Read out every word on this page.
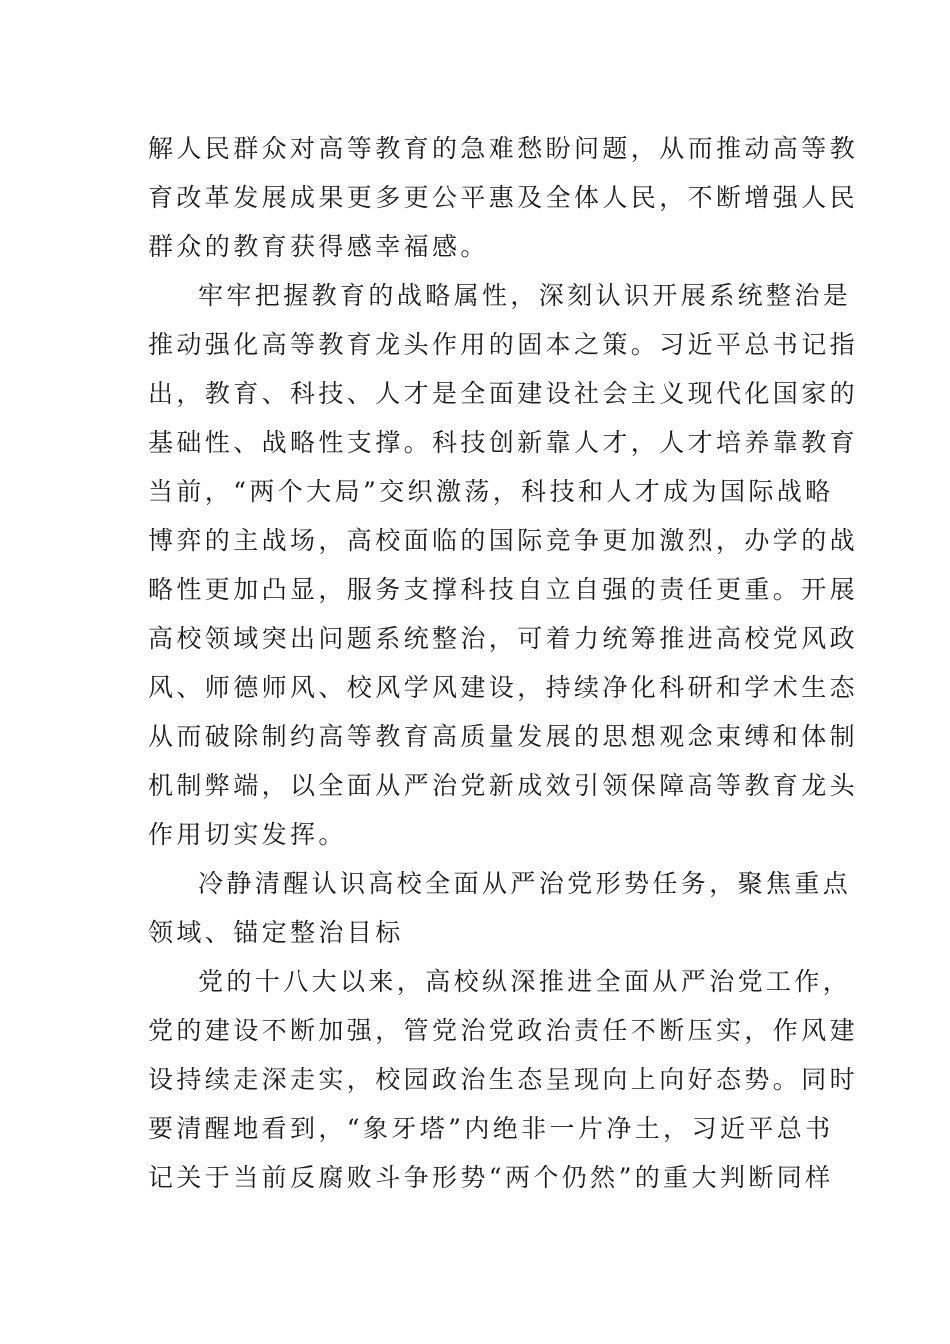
解人民群众对高等教育的急难愁盼问题，从而推动高等教
育改革发展成果更多更公平惠及全体人民，不断增强人民
群众的教育获得感幸福感。
牢牢把握教育的战略属性，深刻认识开展系统整治是
推动强化高等教育龙头作用的固本之策。习近平总书记指
出，教育、科技、人才是全面建设社会主义现代化国家的
基础性、战略性支撑。科技创新靠人才，人才培养靠教育
当前，“两个大局”交织激荡，科技和人才成为国际战略
博弈的主战场，高校面临的国际竞争更加激烈，办学的战
略性更加凸显，服务支撑科技自立自强的责任更重。开展
高校领域突出问题系统整治，可着力统筹推进高校党风政
风、师德师风、校风学风建设，持续净化科研和学术生态
从而破除制约高等教育高质量发展的思想观念束缚和体制
机制弊端，以全面从严治党新成效引领保障高等教育龙头
作用切实发挥。
冷静清醒认识高校全面从严治党形势任务，聚焦重点
领域、锚定整治目标
党的十八大以来，高校纵深推进全面从严治党工作，
党的建设不断加强，管党治党政治责任不断压实，作风建
设持续走深走实，校园政治生态呈现向上向好态势。同时
要清醒地看到，“象牙塔”内绝非一片净土，习近平总书
记关于当前反腐败斗争形势“两个仍然”的重大判断同样
